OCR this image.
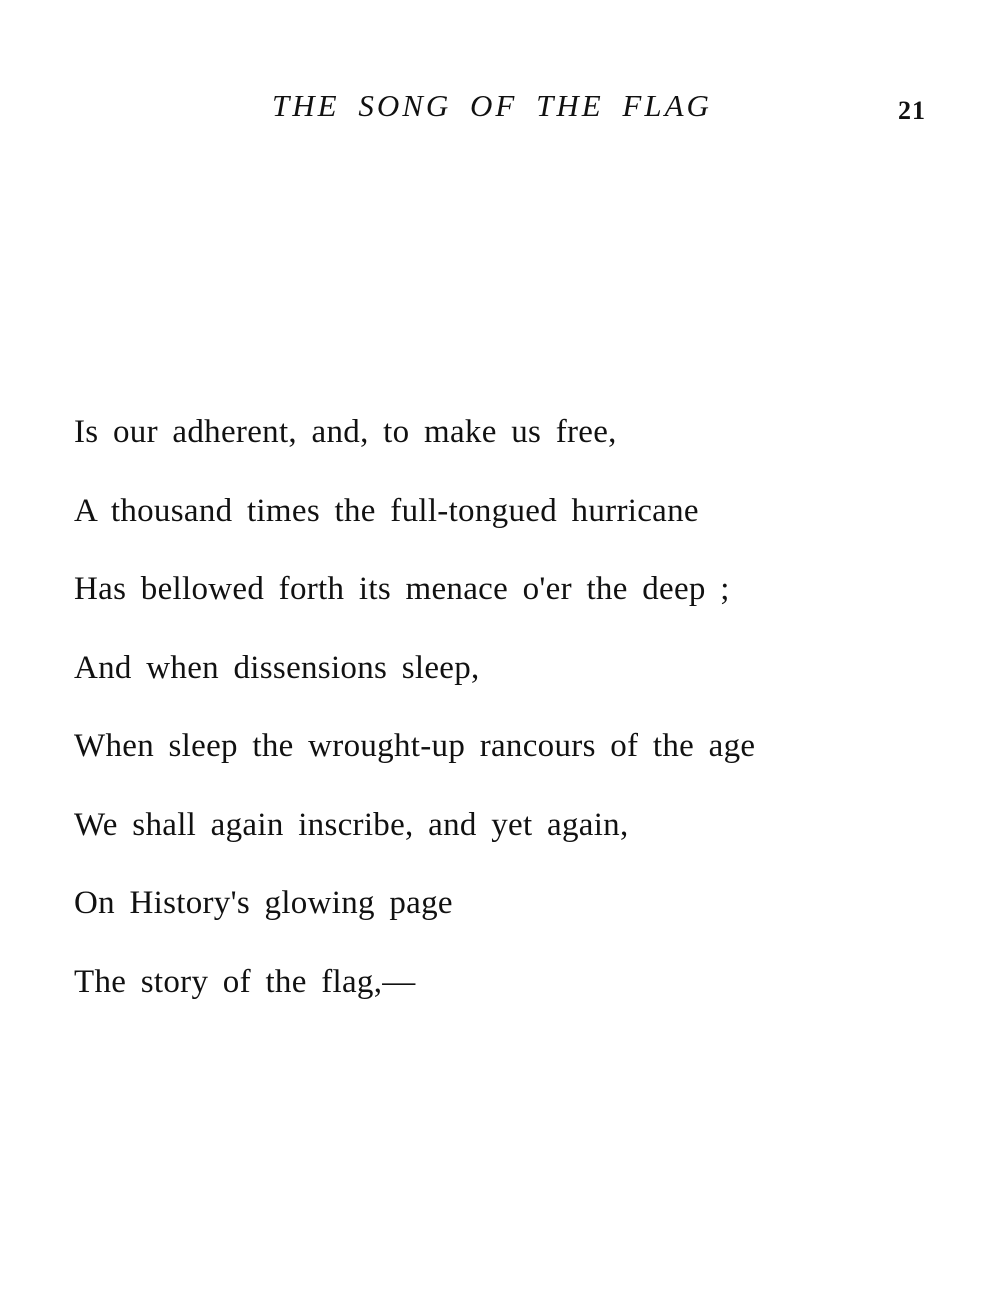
THE SONG OF THE FLAG	21
Is our adherent, and, to make us free,
A thousand times the full-tongued hurricane
Has bellowed forth its menace o'er the deep ;
And when dissensions sleep,
When sleep the wrought-up rancours of the age
We shall again inscribe, and yet again,
On History's glowing page
The story of the flag,—
